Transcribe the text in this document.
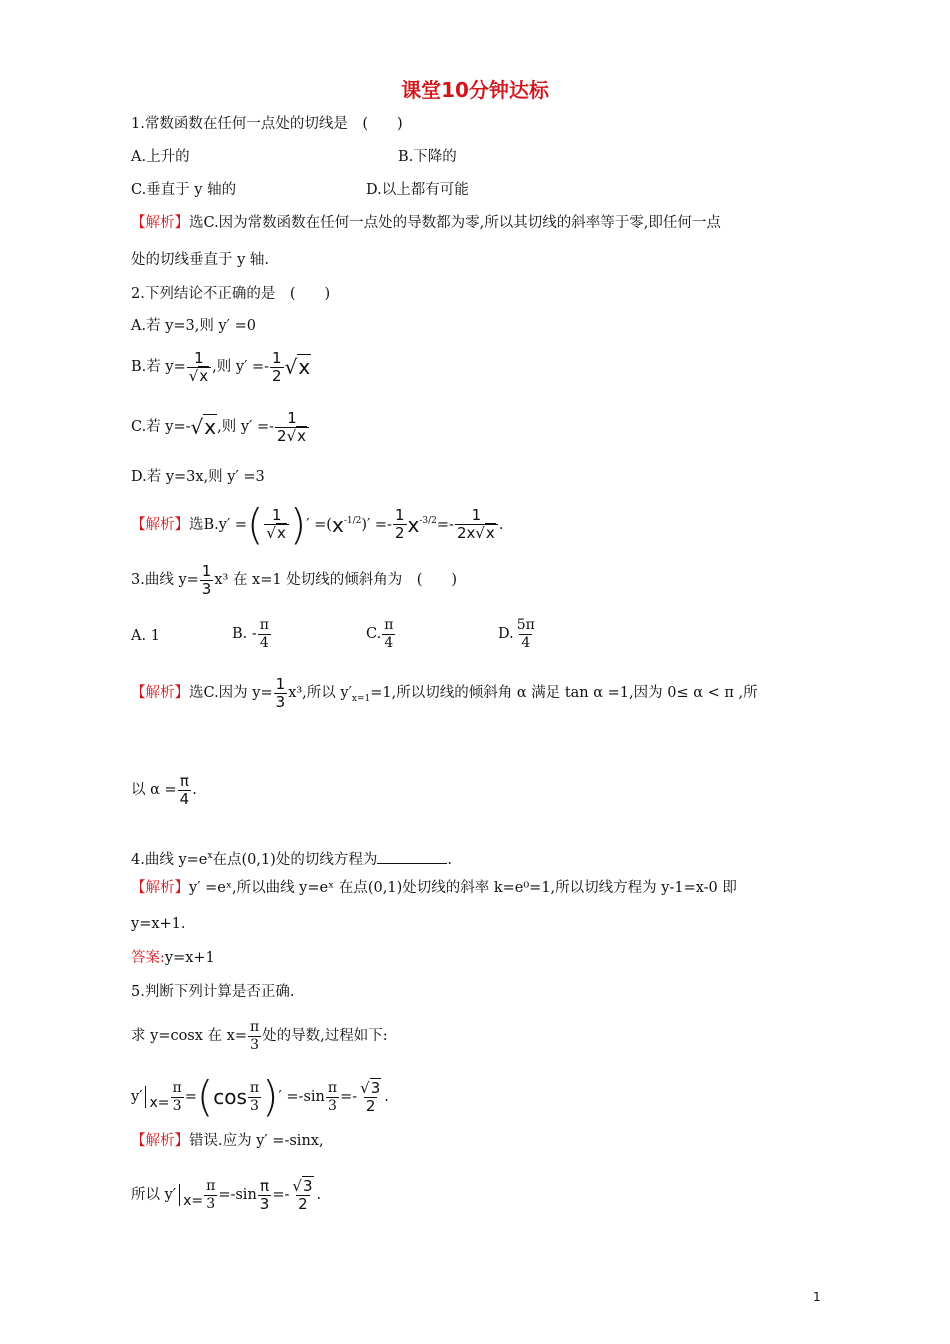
课堂10分钟达标
1.常数函数在任何一点处的切线是　(　　)
A.上升的	B.下降的
C.垂直于 y 轴的	D.以上都有可能
【解析】选C.因为常数函数在任何一点处的导数都为零,所以其切线的斜率等于零,即任何一点
处的切线垂直于 y 轴.
2.下列结论不正确的是　(　　)
A.若 y=3,则 y′ =0
B.若 $y= \frac{1}{√x}$ ,则 $y' =- \frac{1}{2} √x$
C.若 y=-√x,则 $y' =- \frac{1}{2√x}$
D.若 y=3x,则 y′ =3
【解析】选B.y′ =( $\frac{1}{√x}$ )′ $=(x^{-1/2})' =- \frac{1}{2} x^{-3/2}=- \frac{1}{2x√x}$ .
3.曲线 $y= \frac{1}{3} x^3$ 在 x=1 处切线的倾斜角为　(　　)
A. 1	B. - $\frac{\pi}{4}$	C. $\frac{\pi}{4}$	D. $\frac{5\pi}{4}$
【解析】选C.因为 $y= \frac{1}{3} x^3$,所以 $y'_{x=1}=1$,所以切线的倾斜角 α 满足 tan α =1,因为 0≤ α < π ,所
以 $\alpha = \frac{\pi}{4}$ .
4.曲线 $y=e^x$在点(0,1)处的切线方程为	.
【解析】y′ =eˣ,所以曲线 y=eˣ 在点(0,1)处切线的斜率 k=e⁰=1,所以切线方程为 y-1=x-0 即
y=x+1.
答案:y=x+1
5.判断下列计算是否正确.
求 y=cosx 在 $x= \frac{\pi}{3}$ 处的导数,过程如下:
y′ $x= \frac{\pi}{3} =(\cos \frac{\pi}{3}$ )′ $=-\sin \frac{\pi}{3} =- \frac{√3}{2}$ .
【解析】错误.应为 y′ =-sinx,
所以 y′ $x= \frac{\pi}{3} =-\sin \frac{\pi}{3} =- \frac{√3}{2}$ .
1
